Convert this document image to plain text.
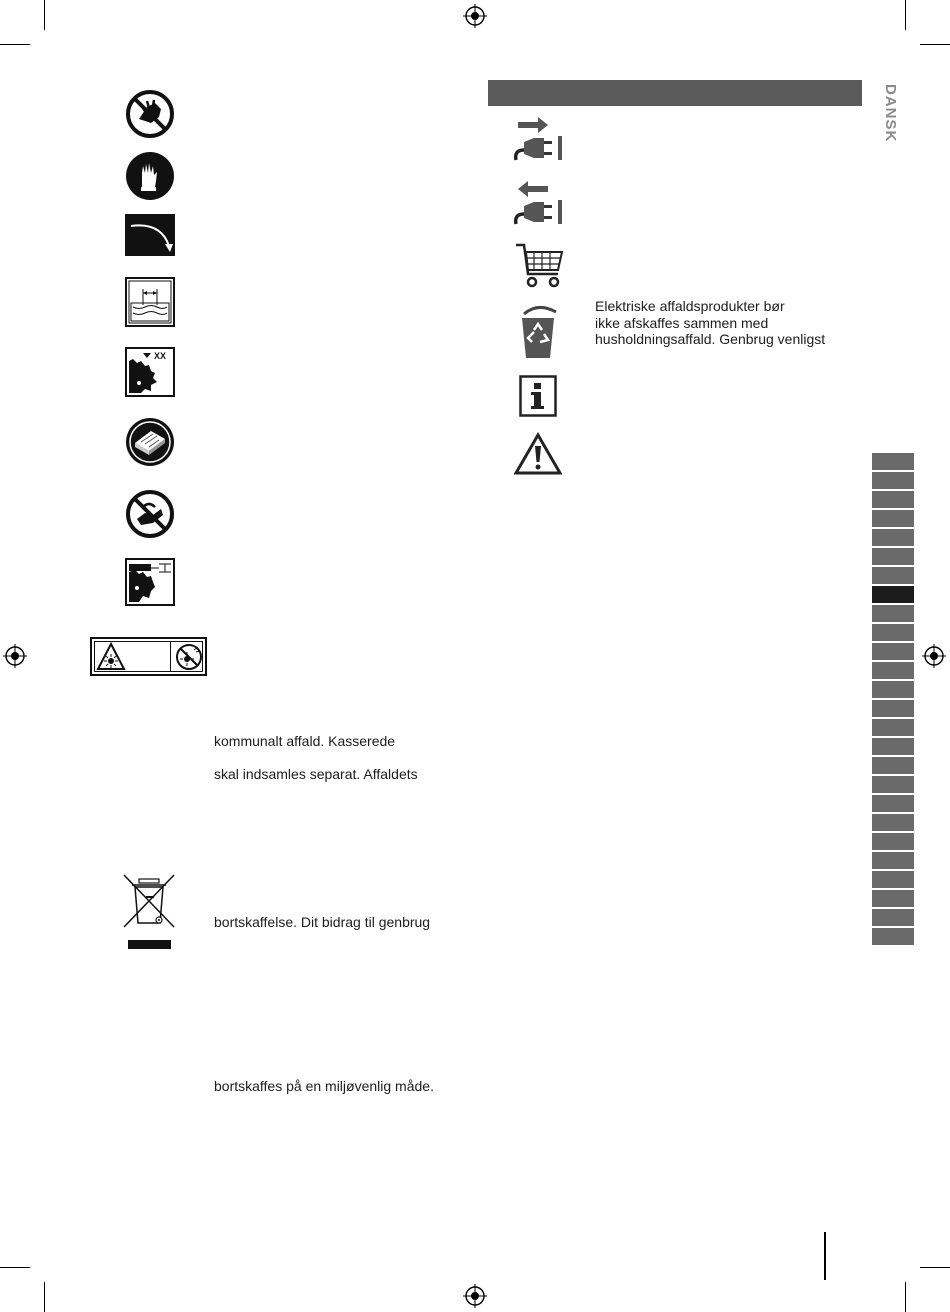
DANSK
XX
kommunalt affald. Kasserede
skal indsamles separat. Affaldets
bortskaffelse. Dit bidrag til genbrug
bortskaffes på en miljøvenlig måde.
Elektriske affaldsprodukter bør
ikke afskaffes sammen med
husholdningsaffald. Genbrug venligst
